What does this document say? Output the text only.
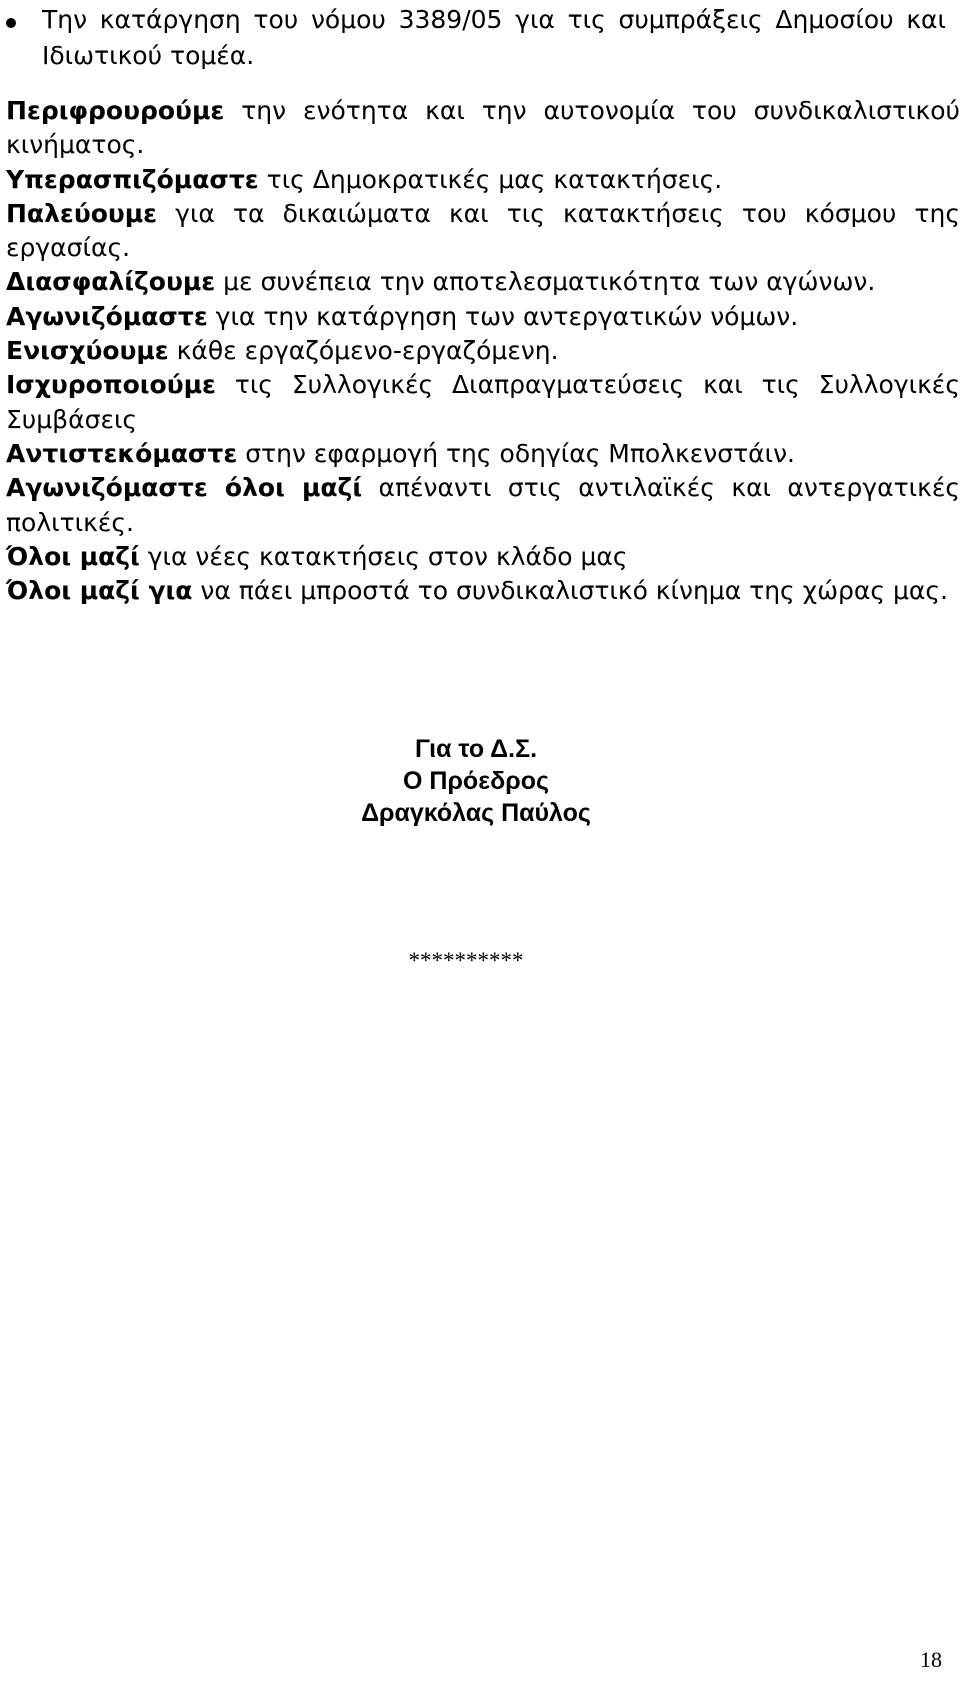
Την κατάργηση του νόμου 3389/05 για τις συμπράξεις Δημοσίου και Ιδιωτικού τομέα.

Περιφρουρούμε την ενότητα και την αυτονομία του συνδικαλιστικού κινήματος.

Υπερασπιζόμαστε τις Δημοκρατικές μας κατακτήσεις.

Παλεύουμε για τα δικαιώματα και τις κατακτήσεις του κόσμου της εργασίας.

Διασφαλίζουμε με συνέπεια την αποτελεσματικότητα των αγώνων.

Αγωνιζόμαστε για την κατάργηση των αντεργατικών νόμων.

Ενισχύουμε κάθε εργαζόμενο-εργαζόμενη.

Ισχυροποιούμε τις Συλλογικές Διαπραγματεύσεις και τις Συλλογικές Συμβάσεις

Αντιστεκόμαστε στην εφαρμογή της οδηγίας Μπολκενστάιν.

Αγωνιζόμαστε όλοι μαζί απέναντι στις αντιλαϊκές και αντεργατικές πολιτικές.

Όλοι μαζί για νέες κατακτήσεις στον κλάδο μας

Όλοι μαζί για να πάει μπροστά το συνδικαλιστικό κίνημα της χώρας μας.

Για το Δ.Σ.
Ο Πρόεδρος
Δραγκόλας Παύλος
**********
18
